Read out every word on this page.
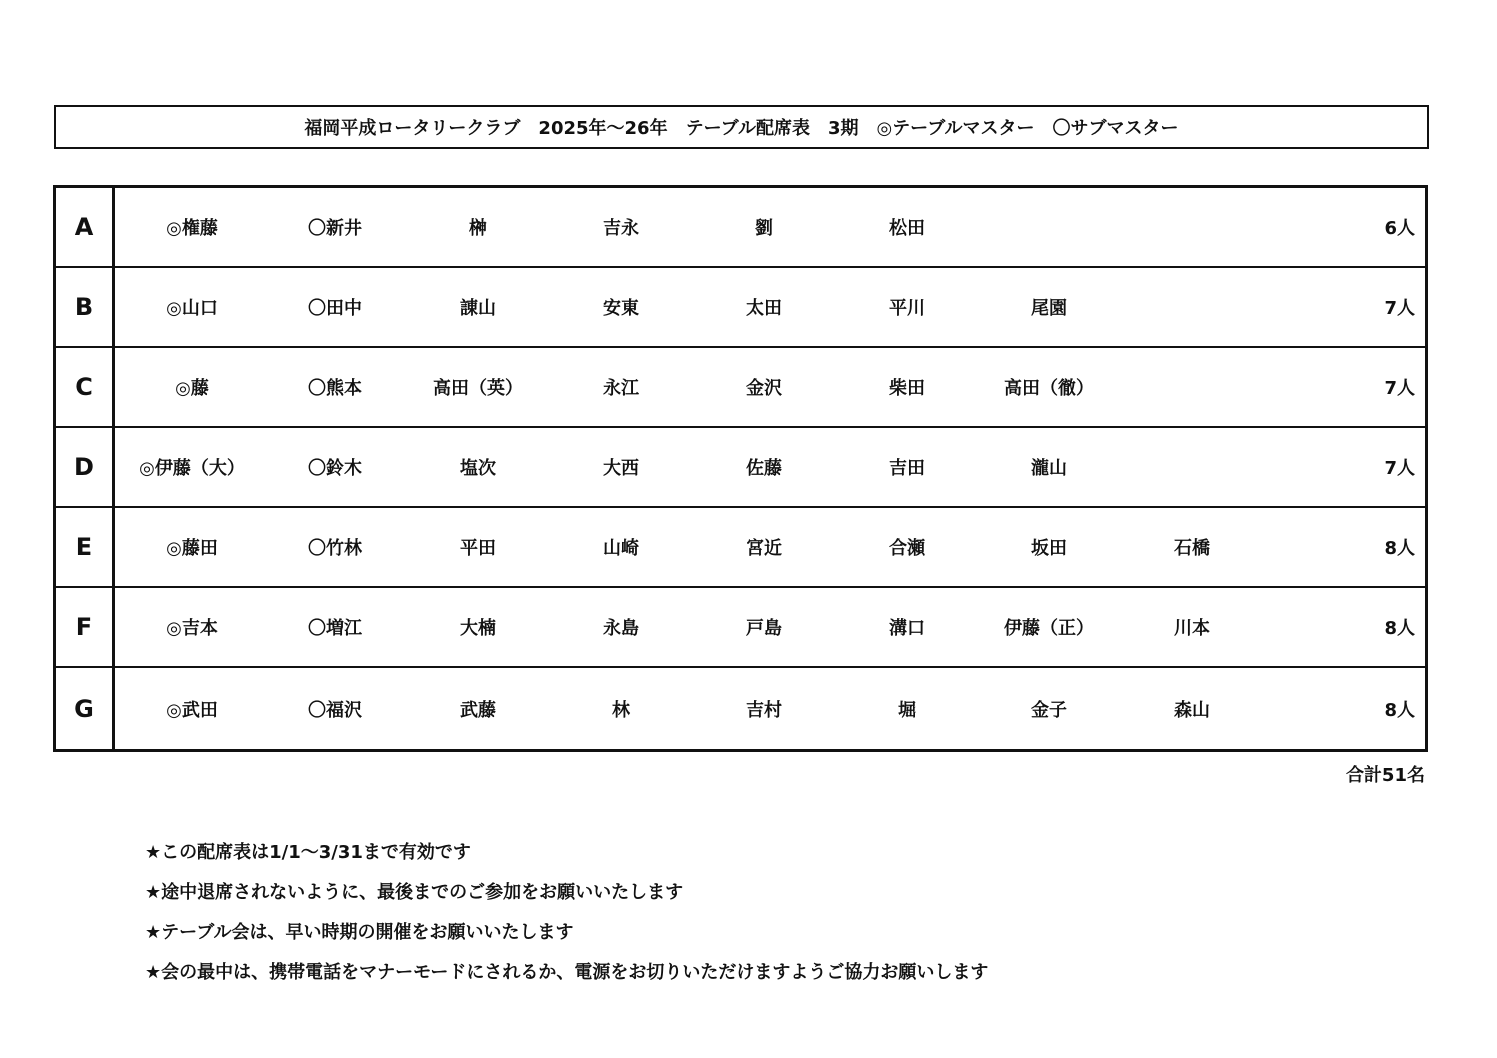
福岡平成ロータリークラブ　2025年～26年　テーブル配席表　3期　◎テーブルマスター　〇サブマスター
A	◎権藤	〇新井	榊	吉永	劉	松田	6人
B	◎山口	〇田中	諌山	安東	太田	平川	尾園	7人
C	◎藤	〇熊本	高田（英）	永江	金沢	柴田	高田（徹）	7人
D	◎伊藤（大）	〇鈴木	塩次	大西	佐藤	吉田	瀧山	7人
E	◎藤田	〇竹林	平田	山崎	宮近	合瀬	坂田	石橋	8人
F	◎吉本	〇増江	大楠	永島	戸島	溝口	伊藤（正）	川本	8人
G	◎武田	〇福沢	武藤	林	吉村	堀	金子	森山	8人
合計51名
★この配席表は1/1～3/31まで有効です
★途中退席されないように、最後までのご参加をお願いいたします
★テーブル会は、早い時期の開催をお願いいたします
★会の最中は、携帯電話をマナーモードにされるか、電源をお切りいただけますようご協力お願いします
